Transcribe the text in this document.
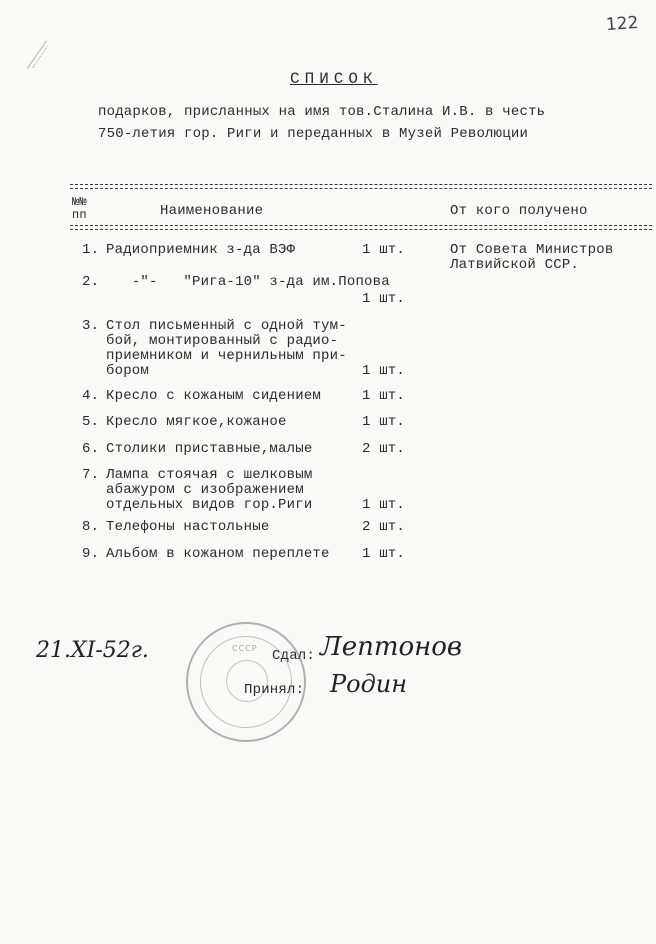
122
СПИСОК
подарков, присланных на имя тов.Сталина И.В. в честь
750-летия гор. Риги и переданных в Музей Революции
№№
пп	Наименование	От кого получено
1. Радиоприемник з-да ВЭФ	1 шт.	От Совета Министров
Латвийской ССР.
2. -"-   "Рига-10" з-да им.Попова
1 шт.
3. Стол письменный с одной тум-
бой, монтированный с радио-
приемником и чернильным при-
бором	1 шт.
4. Кресло с кожаным сидением	1 шт.
5. Кресло мягкое,кожаное	1 шт.
6. Столики приставные,малые	2 шт.
7. Лампа стоячая с шелковым
абажуром с изображением
отдельных видов гор.Риги	1 шт.
8. Телефоны настольные	2 шт.
9. Альбом в кожаном переплете 1 шт.
21.XI-52г.	СССР Сдал: Лептонов
Принял: Родин
